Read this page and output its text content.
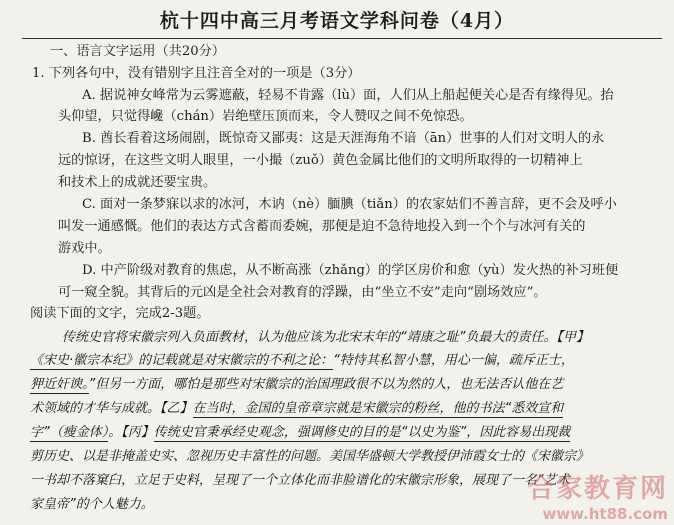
杭十四中高三月考语文学科问卷（4月）
一、语言文字运用（共20分）
1. 下列各句中，没有错别字且注音全对的一项是（3分）
A. 据说神女峰常为云雾遮蔽，轻易不肯露（lù）面，人们从上船起便关心是否有缘得见。抬
头仰望，只觉得巉（chán）岩绝壁压顶而来，令人赞叹之间不免惊恐。
B. 酋长看着这场闹剧，既惊奇又鄙夷：这是天涯海角不谙（ān）世事的人们对文明人的永
远的惊讶，在这些文明人眼里，一小撮（zuǒ）黄色金属比他们的文明所取得的一切精神上
和技术上的成就还要宝贵。
C. 面对一条梦寐以求的冰河，木讷（nè）腼腆（tiǎn）的农家姑们不善言辞，更不会及呼小
叫发一通感慨。他们的表达方式含蓄而委婉，那便是迫不急待地投入到一个个与冰河有关的
游戏中。
D. 中产阶级对教育的焦虑，从不断高涨（zhǎng）的学区房价和愈（yù）发火热的补习班便
可一窥全貌。其背后的元凶是全社会对教育的浮躁，由“坐立不安”走向“剧场效应”。
阅读下面的文字，完成2-3题。
传统史官将宋徽宗列入负面教材，认为他应该为北宋末年的“靖康之耻”负最大的责任。【甲】
《宋史·徽宗本纪》的记载就是对宋徽宗的不利之论：“特恃其私智小慧，用心一偏，疏斥正士，
狎近奸谀。”但另一方面，哪怕是那些对宋徽宗的治国理政很不以为然的人，也无法否认他在艺
术领域的才华与成就。【乙】在当时，金国的皇帝章宗就是宋徽宗的粉丝，他的书法“悉效宣和
字”（瘦金体）。【丙】传统史官秉承经史观念，强调修史的目的是“以史为鉴”，因此容易出现裁
剪历史、以是非掩盖史实、忽视历史丰富性的问题。美国华盛顿大学教授伊沛霞女士的《宋徽宗》
一书却不落窠臼，立足于史料，呈现了一个立体化而非脸谱化的宋徽宗形象，展现了一名“艺术
家皇帝”的个人魅力。
合家教育网
www.ht88.com
